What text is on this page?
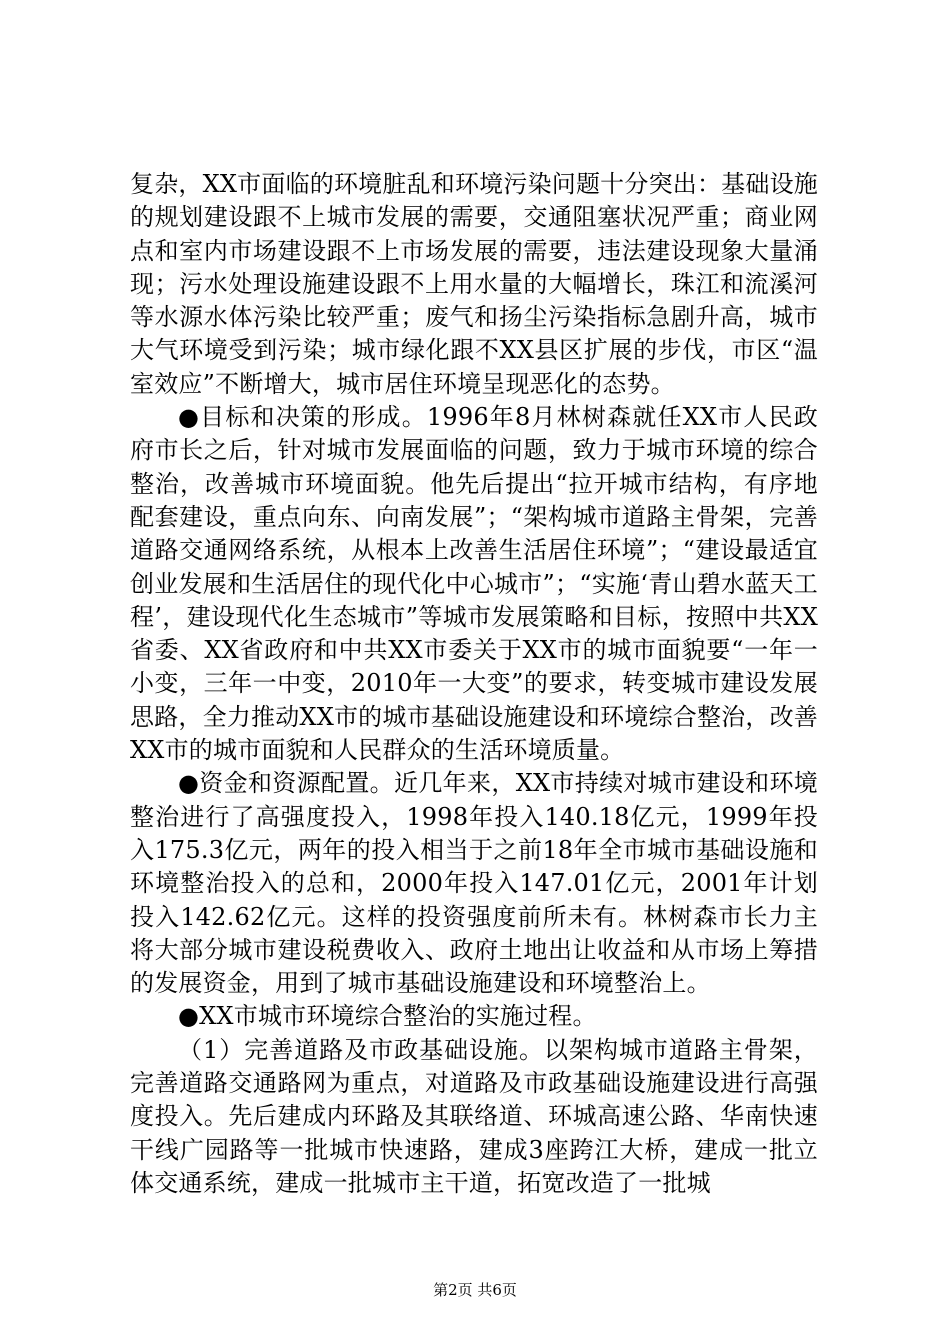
复杂，XX市面临的环境脏乱和环境污染问题十分突出：基础设施的规划建设跟不上城市发展的需要，交通阻塞状况严重；商业网点和室内市场建设跟不上市场发展的需要，违法建设现象大量涌现；污水处理设施建设跟不上用水量的大幅增长，珠江和流溪河等水源水体污染比较严重；废气和扬尘污染指标急剧升高，城市大气环境受到污染；城市绿化跟不XX县区扩展的步伐，市区“温室效应”不断增大，城市居住环境呈现恶化的态势。

●目标和决策的形成。1996年8月林树森就任XX市人民政府市长之后，针对城市发展面临的问题，致力于城市环境的综合整治，改善城市环境面貌。他先后提出“拉开城市结构，有序地配套建设，重点向东、向南发展”；“架构城市道路主骨架，完善道路交通网络系统，从根本上改善生活居住环境”；“建设最适宜创业发展和生活居住的现代化中心城市”；“实施‘青山碧水蓝天工程’，建设现代化生态城市”等城市发展策略和目标，按照中共XX省委、XX省政府和中共XX市委关于XX市的城市面貌要“一年一小变，三年一中变，2010年一大变”的要求，转变城市建设发展思路，全力推动XX市的城市基础设施建设和环境综合整治，改善XX市的城市面貌和人民群众的生活环境质量。

●资金和资源配置。近几年来，XX市持续对城市建设和环境整治进行了高强度投入，1998年投入140.18亿元，1999年投入175.3亿元，两年的投入相当于之前18年全市城市基础设施和环境整治投入的总和，2000年投入147.01亿元，2001年计划投入142.62亿元。这样的投资强度前所未有。林树森市长力主将大部分城市建设税费收入、政府土地出让收益和从市场上筹措的发展资金，用到了城市基础设施建设和环境整治上。

●XX市城市环境综合整治的实施过程。

（1）完善道路及市政基础设施。以架构城市道路主骨架，完善道路交通路网为重点，对道路及市政基础设施建设进行高强度投入。先后建成内环路及其联络道、环城高速公路、华南快速干线广园路等一批城市快速路，建成3座跨江大桥，建成一批立体交通系统，建成一批城市主干道，拓宽改造了一批城

第2页 共6页
